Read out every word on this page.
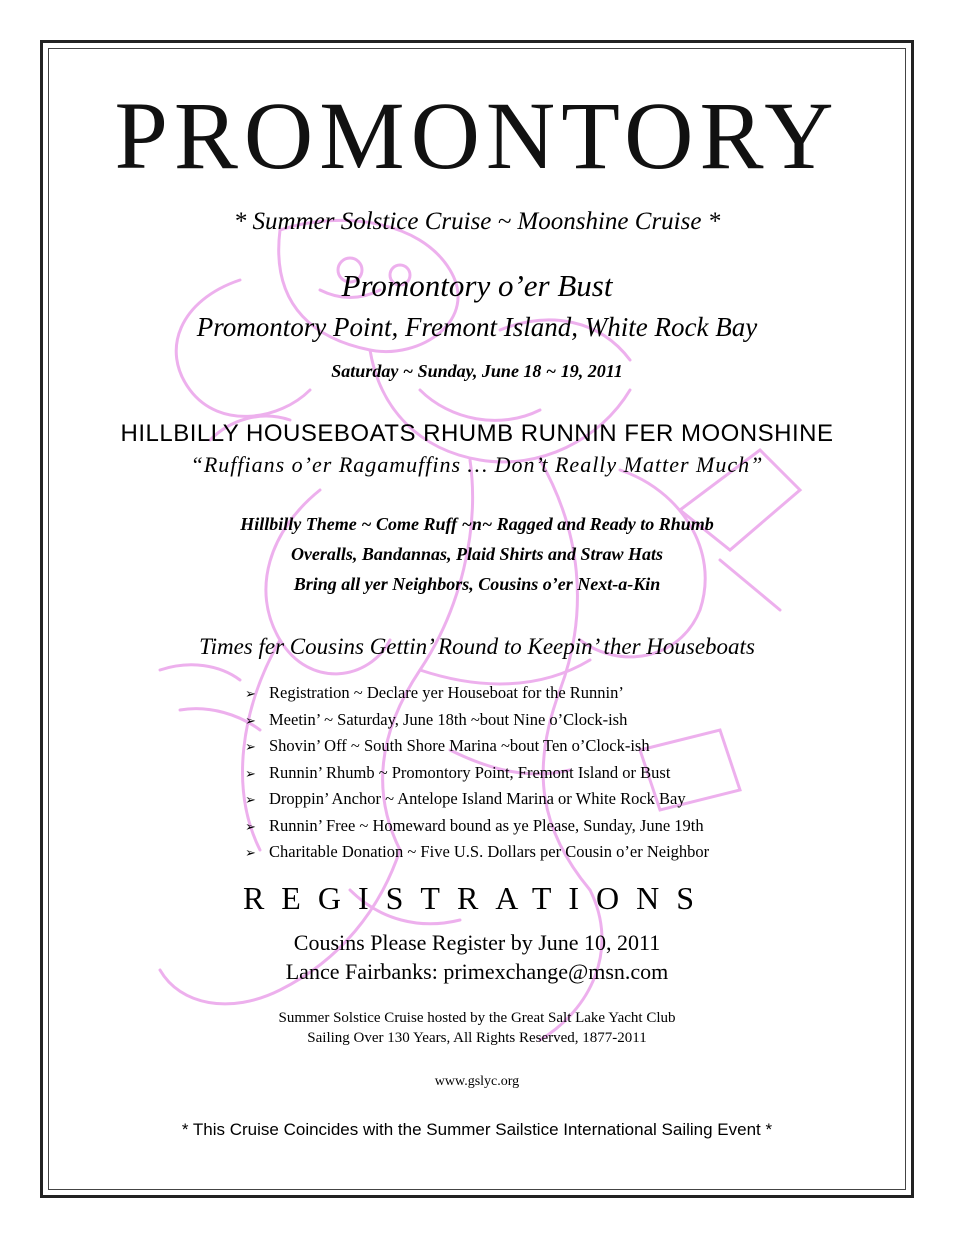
PROMONTORY
* Summer Solstice Cruise ~ Moonshine Cruise *
Promontory o’er Bust
Promontory Point, Fremont Island, White Rock Bay
Saturday ~ Sunday, June 18 ~ 19, 2011
HILLBILLY HOUSEBOATS RHUMB RUNNIN FER MOONSHINE
“Ruffians o’er Ragamuffins … Don’t Really Matter Much”
Hillbilly Theme ~ Come Ruff ~n~ Ragged and Ready to Rhumb
Overalls, Bandannas, Plaid Shirts and Straw Hats
Bring all yer Neighbors, Cousins o’er Next-a-Kin
Times fer Cousins Gettin’ Round to Keepin’ ther Houseboats
➢ Registration ~ Declare yer Houseboat for the Runnin’
➢ Meetin’ ~ Saturday, June 18th ~bout Nine o’Clock-ish
➢ Shovin’ Off ~ South Shore Marina ~bout Ten o’Clock-ish
➢ Runnin’ Rhumb ~ Promontory Point, Fremont Island or Bust
➢ Droppin’ Anchor ~ Antelope Island Marina or White Rock Bay
➢ Runnin’ Free ~ Homeward bound as ye Please, Sunday, June 19th
➢ Charitable Donation ~ Five U.S. Dollars per Cousin o’er Neighbor
REGISTRATIONS
Cousins Please Register by June 10, 2011
Lance Fairbanks: primexchange@msn.com
Summer Solstice Cruise hosted by the Great Salt Lake Yacht Club
Sailing Over 130 Years, All Rights Reserved, 1877-2011
www.gslyc.org
* This Cruise Coincides with the Summer Sailstice International Sailing Event *
